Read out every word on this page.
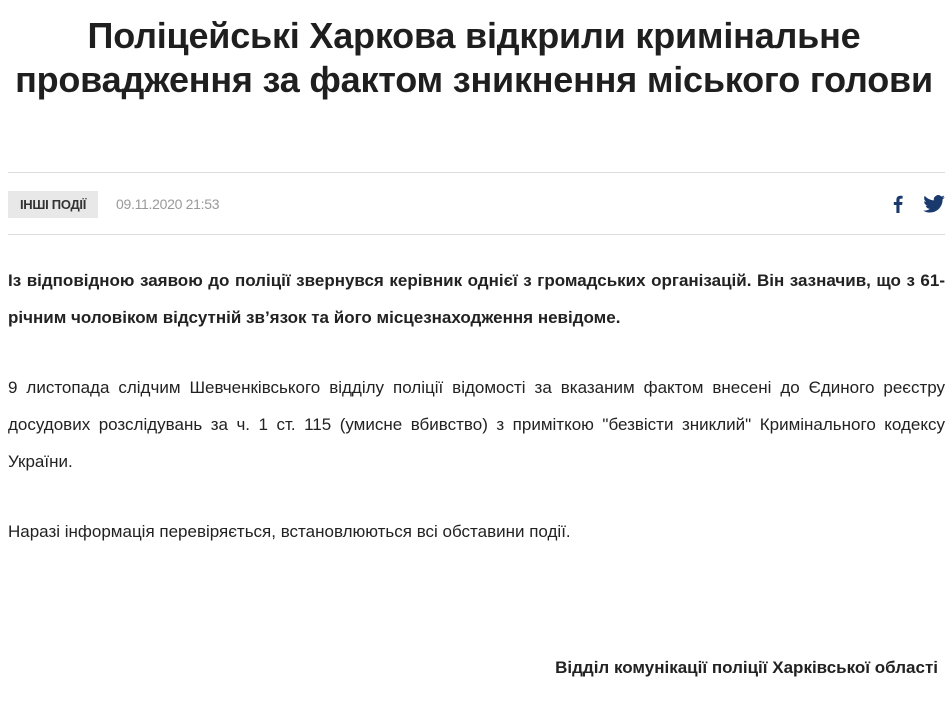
Поліцейські Харкова відкрили кримінальне провадження за фактом зникнення міського голови
ІНШІ ПОДІЇ	09.11.2020 21:53

Із відповідною заявою до поліції звернувся керівник однієї з громадських організацій. Він зазначив, що з 61-річним чоловіком відсутній зв’язок та його місцезнаходження невідоме.

9 листопада слідчим Шевченківського відділу поліції відомості за вказаним фактом внесені до Єдиного реєстру досудових розслідувань за ч. 1 ст. 115 (умисне вбивство) з приміткою "безвісти зниклий" Кримінального кодексу України.

Наразі інформація перевіряється, встановлюються всі обставини події.

Відділ комунікації поліції Харківської області
